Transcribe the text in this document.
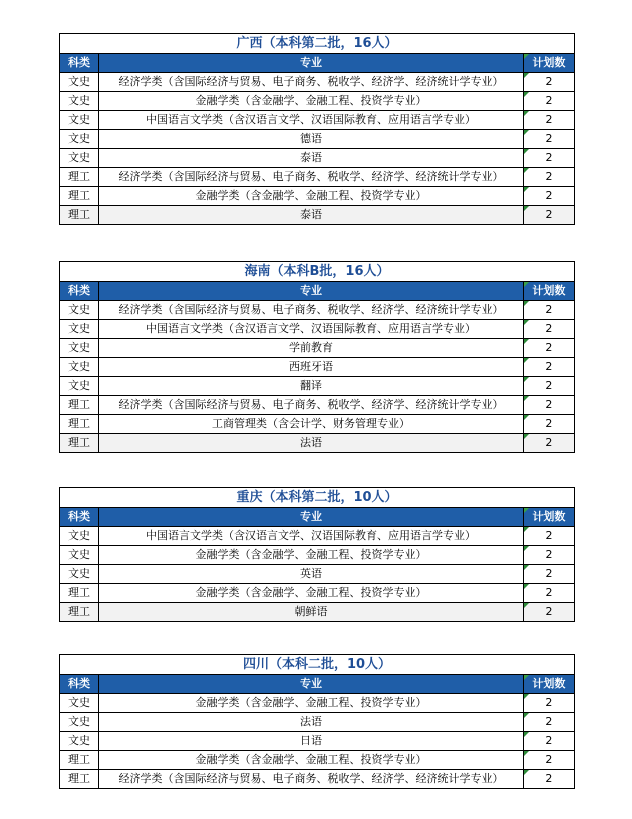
广西（本科第二批，16人）		
科类	专业	计划数
文史	经济学类（含国际经济与贸易、电子商务、税收学、经济学、经济统计学专业）	2
文史	金融学类（含金融学、金融工程、投资学专业）	2
文史	中国语言文学类（含汉语言文学、汉语国际教育、应用语言学专业）	2
文史	德语	2
文史	泰语	2
理工	经济学类（含国际经济与贸易、电子商务、税收学、经济学、经济统计学专业）	2
理工	金融学类（含金融学、金融工程、投资学专业）	2
理工	泰语	2
海南（本科B批，16人）		
科类	专业	计划数
文史	经济学类（含国际经济与贸易、电子商务、税收学、经济学、经济统计学专业）	2
文史	中国语言文学类（含汉语言文学、汉语国际教育、应用语言学专业）	2
文史	学前教育	2
文史	西班牙语	2
文史	翻译	2
理工	经济学类（含国际经济与贸易、电子商务、税收学、经济学、经济统计学专业）	2
理工	工商管理类（含会计学、财务管理专业）	2
理工	法语	2
重庆（本科第二批，10人）		
科类	专业	计划数
文史	中国语言文学类（含汉语言文学、汉语国际教育、应用语言学专业）	2
文史	金融学类（含金融学、金融工程、投资学专业）	2
文史	英语	2
理工	金融学类（含金融学、金融工程、投资学专业）	2
理工	朝鲜语	2
四川（本科二批，10人）		
科类	专业	计划数
文史	金融学类（含金融学、金融工程、投资学专业）	2
文史	法语	2
文史	日语	2
理工	金融学类（含金融学、金融工程、投资学专业）	2
理工	经济学类（含国际经济与贸易、电子商务、税收学、经济学、经济统计学专业）	2
